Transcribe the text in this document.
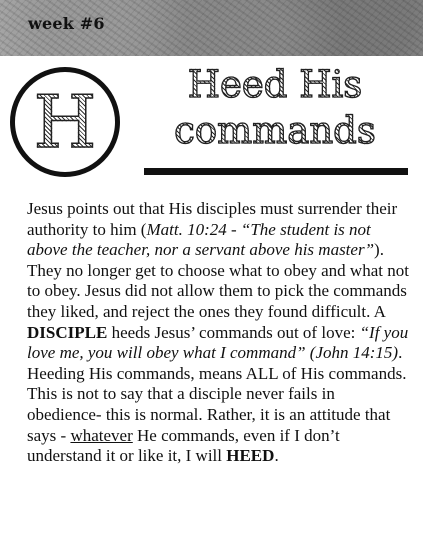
week #6
H	Heed His
commands
Jesus points out that His disciples must surrender their authority to him (Matt. 10:24 - “The student is not above the teacher, nor a servant above his master”). They no longer get to choose what to obey and what not to obey. Jesus did not allow them to pick the commands they liked, and reject the ones they found difficult. A DISCIPLE heeds Jesus’ commands out of love: “If you love me, you will obey what I command” (John 14:15). Heeding His commands, means ALL of His commands. This is not to say that a disciple never fails in obedience- this is normal. Rather, it is an attitude that says - whatever He commands, even if I don’t understand it or like it, I will HEED.
